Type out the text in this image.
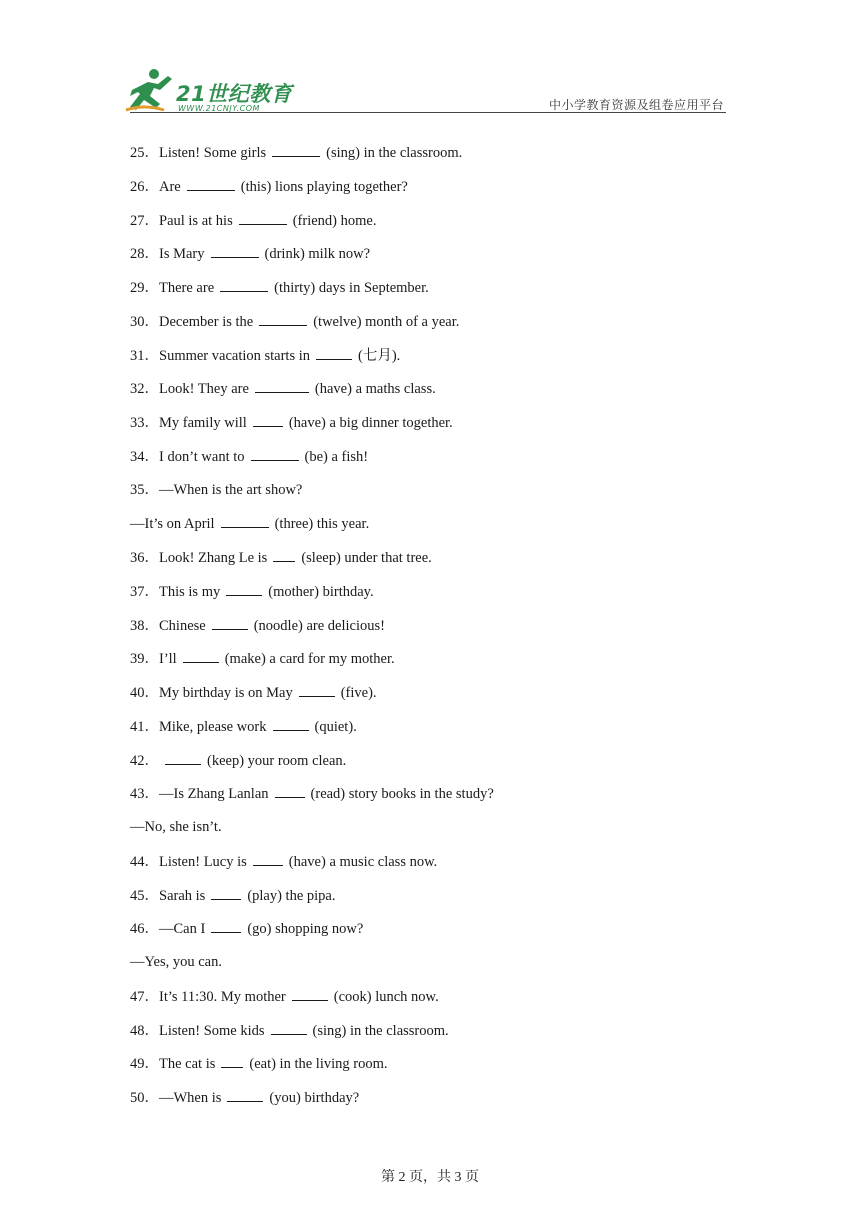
21世纪教育
WWW.21CNJY.COM	中小学教育资源及组卷应用平台
25．Listen! Some girls	(sing) in the classroom.
26．Are	(this) lions playing together?
27．Paul is at his	(friend) home.
28．Is Mary	(drink) milk now?
29．There are	(thirty) days in September.
30．December is the	(twelve) month of a year.
31．Summer vacation starts in	(七月).
32．Look! They are	(have) a maths class.
33．My family will	(have) a big dinner together.
34．I don’t want to	(be) a fish!
35．—When is the art show?
—It’s on April	(three) this year.
36．Look! Zhang Le is (sleep) under that tree.
37．This is my	(mother) birthday.
38．Chinese	(noodle) are delicious!
39．I’ll	(make) a card for my mother.
40．My birthday is on May	(five).
41．Mike, please work	(quiet).
42．	(keep) your room clean.
43．—Is Zhang Lanlan	(read) story books in the study?
—No, she isn’t.
44．Listen! Lucy is	(have) a music class now.
45．Sarah is	(play) the pipa.
46．—Can I	(go) shopping now?
—Yes, you can.
47．It’s 11:30. My mother	(cook) lunch now.
48．Listen! Some kids	(sing) in the classroom.
49．The cat is (eat) in the living room.
50．—When is	(you) birthday?
第 2 页，共 3 页
